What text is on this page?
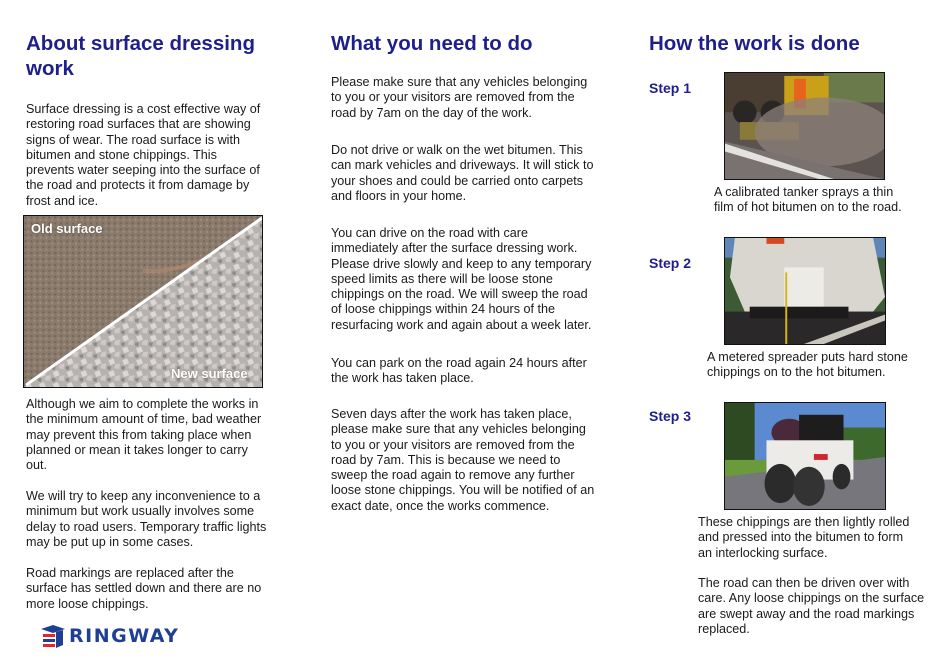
About surface dressing
work
Surface dressing is a cost effective way of
restoring road surfaces that are showing
signs of wear. The road surface is with
bitumen and stone chippings. This
prevents water seeping into the surface of
the road and protects it from damage by
frost and ice.
Old surface
New surface
Although we aim to complete the works in
the minimum amount of time, bad weather
may prevent this from taking place when
planned or mean it takes longer to carry
out.
We will try to keep any inconvenience to a
minimum but work usually involves some
delay to road users. Temporary traffic lights
may be put up in some cases.
Road markings are replaced after the
surface has settled down and there are no
more loose chippings.
RINGWAY
What you need to do
Please make sure that any vehicles belonging
to you or your visitors are removed from the
road by 7am on the day of the work.
Do not drive or walk on the wet bitumen. This
can mark vehicles and driveways. It will stick to
your shoes and could be carried onto carpets
and floors in your home.
You can drive on the road with care
immediately after the surface dressing work.
Please drive slowly and keep to any temporary
speed limits as there will be loose stone
chippings on the road. We will sweep the road
of loose chippings within 24 hours of the
resurfacing work and again about a week later.
You can park on the road again 24 hours after
the work has taken place.
Seven days after the work has taken place,
please make sure that any vehicles belonging
to you or your visitors are removed from the
road by 7am. This is because we need to
sweep the road again to remove any further
loose stone chippings. You will be notified of an
exact date, once the works commence.
How the work is done
Step 1
A calibrated tanker sprays a thin
film of hot bitumen on to the road.
Step 2
A metered spreader puts hard stone
chippings on to the hot bitumen.
Step 3
These chippings are then lightly rolled
and pressed into the bitumen to form
an interlocking surface.
The road can then be driven over with
care. Any loose chippings on the surface
are swept away and the road markings
replaced.
